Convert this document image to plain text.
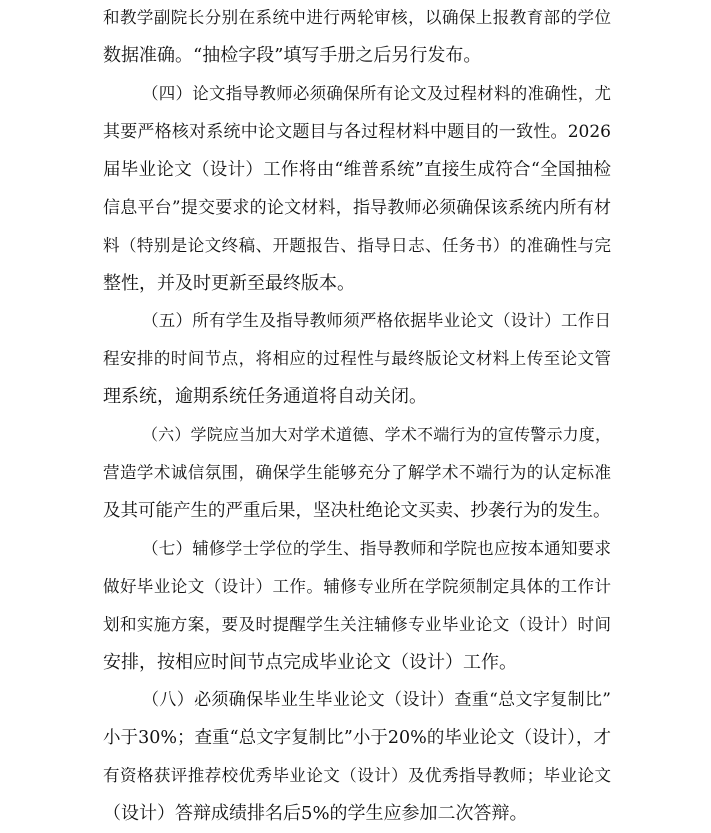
和教学副院长分别在系统中进行两轮审核，以确保上报教育部的学位
数据准确。“抽检字段”填写手册之后另行发布。
（四）论文指导教师必须确保所有论文及过程材料的准确性，尤
其要严格核对系统中论文题目与各过程材料中题目的一致性。2026
届毕业论文（设计）工作将由“维普系统”直接生成符合“全国抽检
信息平台”提交要求的论文材料，指导教师必须确保该系统内所有材
料（特别是论文终稿、开题报告、指导日志、任务书）的准确性与完
整性，并及时更新至最终版本。
（五）所有学生及指导教师须严格依据毕业论文（设计）工作日
程安排的时间节点，将相应的过程性与最终版论文材料上传至论文管
理系统，逾期系统任务通道将自动关闭。
（六）学院应当加大对学术道德、学术不端行为的宣传警示力度，
营造学术诚信氛围，确保学生能够充分了解学术不端行为的认定标准
及其可能产生的严重后果，坚决杜绝论文买卖、抄袭行为的发生。
（七）辅修学士学位的学生、指导教师和学院也应按本通知要求
做好毕业论文（设计）工作。辅修专业所在学院须制定具体的工作计
划和实施方案，要及时提醒学生关注辅修专业毕业论文（设计）时间
安排，按相应时间节点完成毕业论文（设计）工作。
（八）必须确保毕业生毕业论文（设计）查重“总文字复制比”
小于30%；查重“总文字复制比”小于20%的毕业论文（设计），才
有资格获评推荐校优秀毕业论文（设计）及优秀指导教师；毕业论文
（设计）答辩成绩排名后5%的学生应参加二次答辩。
